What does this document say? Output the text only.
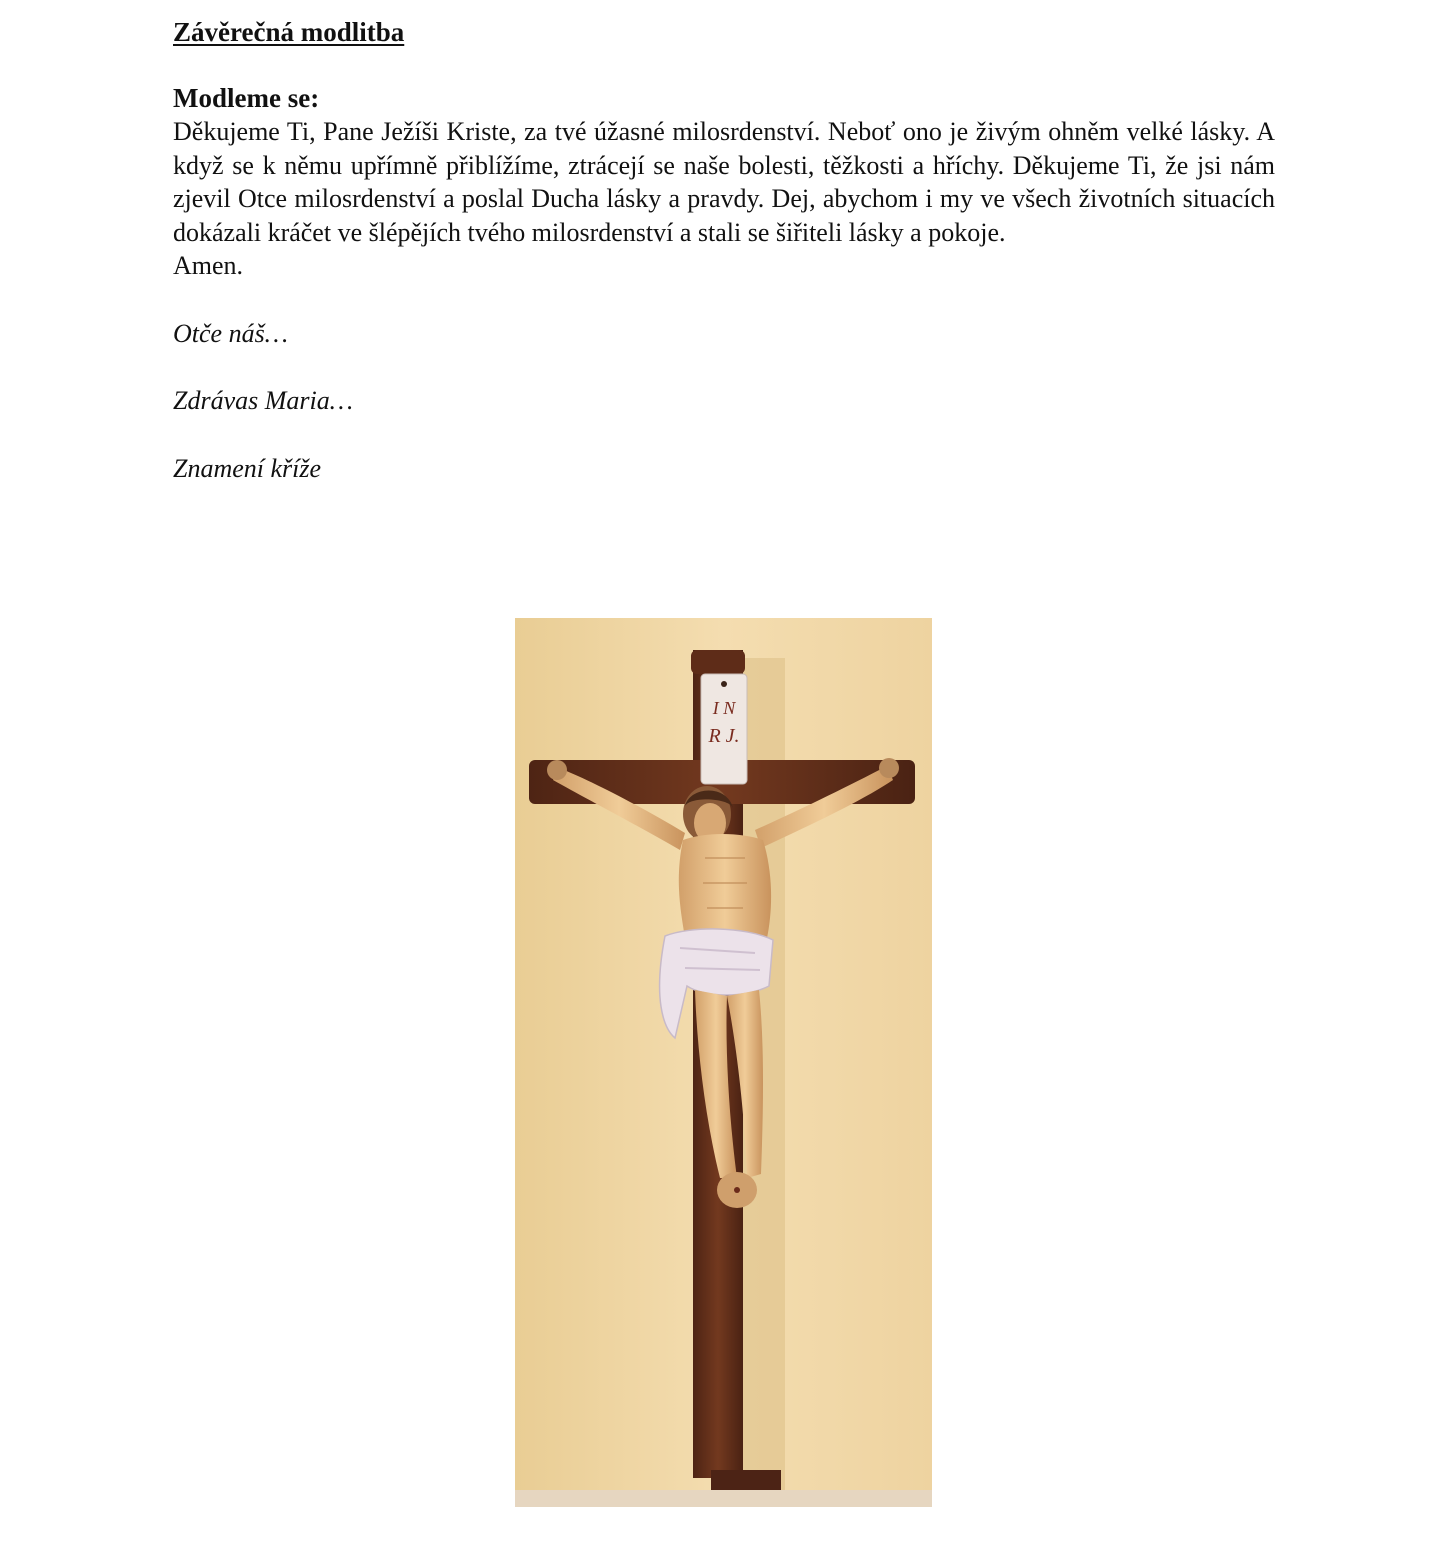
Závěrečná modlitba

Modleme se:

Děkujeme Ti, Pane Ježíši Kriste, za tvé úžasné milosrdenství. Neboť ono je živým ohněm velké lásky. A když se k němu upřímně přiblížíme, ztrácejí se naše bolesti, těžkosti a hříchy. Děkujeme Ti, že jsi nám zjevil Otce milosrdenství a poslal Ducha lásky a pravdy. Dej, abychom i my ve všech životních situacích dokázali kráčet ve šlépějích tvého milosrdenství a stali se šiřiteli lásky a pokoje.

Amen.

Otče náš…

Zdrávas Maria…

Znamení kříže

I N
R J.
